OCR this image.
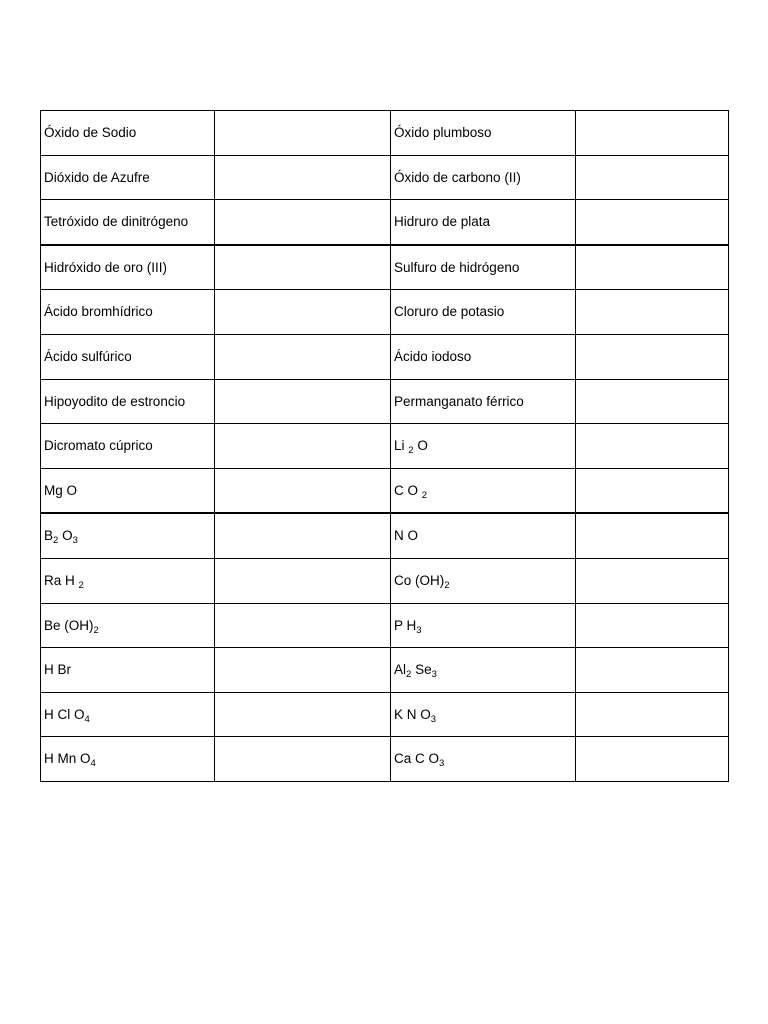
Óxido de Sodio		Óxido plumboso	
Dióxido de Azufre		Óxido de carbono (II)	
Tetróxido de dinitrógeno		Hidruro de plata	
Hidróxido de oro (III)		Sulfuro de hidrógeno	
Ácido bromhídrico		Cloruro de potasio	
Ácido sulfúrico		Ácido iodoso	
Hipoyodito de estroncio		Permanganato férrico	
Dicromato cúprico		Li $_2$ O	
Mg O		C O $_2$	
$B_2$ $O_3$		N O	
Ra H $_2$		Co $(OH)_2$	
Be $(OH)_2$		P $H_3$	
H Br		$Al_2$ $Se_3$	
H Cl $O_4$		K N $O_3$	
H Mn $O_4$		Ca C $O_3$	
